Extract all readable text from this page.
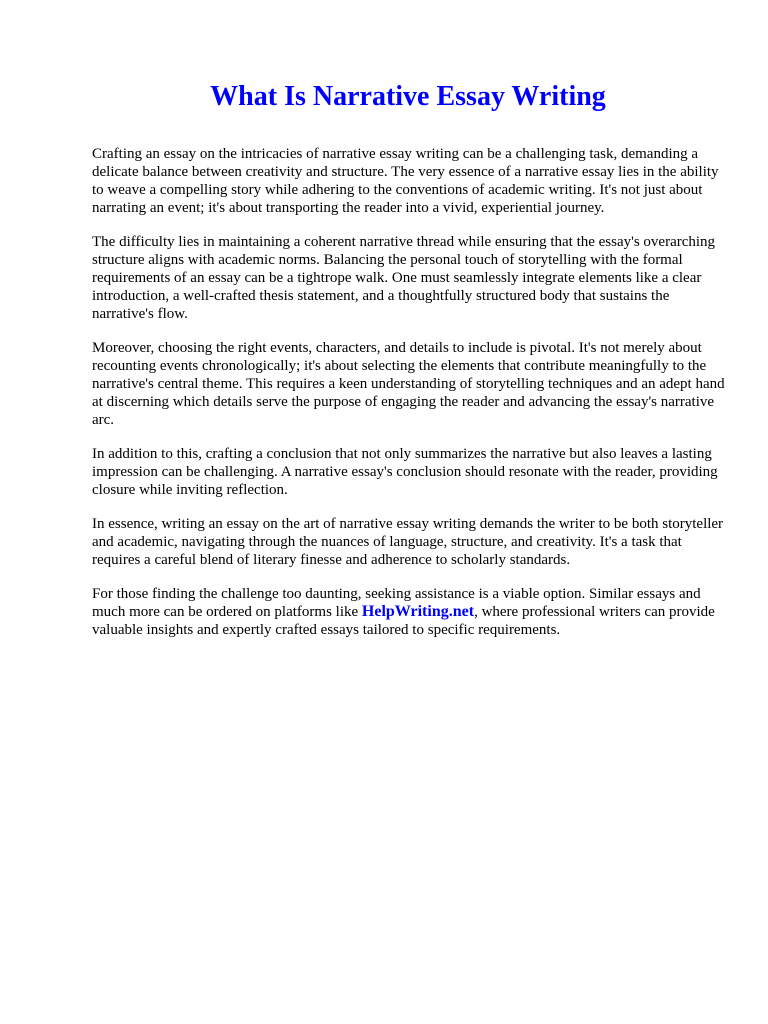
What Is Narrative Essay Writing

Crafting an essay on the intricacies of narrative essay writing can be a challenging task, demanding a delicate balance between creativity and structure. The very essence of a narrative essay lies in the ability to weave a compelling story while adhering to the conventions of academic writing. It's not just about narrating an event; it's about transporting the reader into a vivid, experiential journey.

The difficulty lies in maintaining a coherent narrative thread while ensuring that the essay's overarching structure aligns with academic norms. Balancing the personal touch of storytelling with the formal requirements of an essay can be a tightrope walk. One must seamlessly integrate elements like a clear introduction, a well-crafted thesis statement, and a thoughtfully structured body that sustains the narrative's flow.

Moreover, choosing the right events, characters, and details to include is pivotal. It's not merely about recounting events chronologically; it's about selecting the elements that contribute meaningfully to the narrative's central theme. This requires a keen understanding of storytelling techniques and an adept hand at discerning which details serve the purpose of engaging the reader and advancing the essay's narrative arc.

In addition to this, crafting a conclusion that not only summarizes the narrative but also leaves a lasting impression can be challenging. A narrative essay's conclusion should resonate with the reader, providing closure while inviting reflection.

In essence, writing an essay on the art of narrative essay writing demands the writer to be both storyteller and academic, navigating through the nuances of language, structure, and creativity. It's a task that requires a careful blend of literary finesse and adherence to scholarly standards.

For those finding the challenge too daunting, seeking assistance is a viable option. Similar essays and much more can be ordered on platforms like HelpWriting.net, where professional writers can provide valuable insights and expertly crafted essays tailored to specific requirements.
